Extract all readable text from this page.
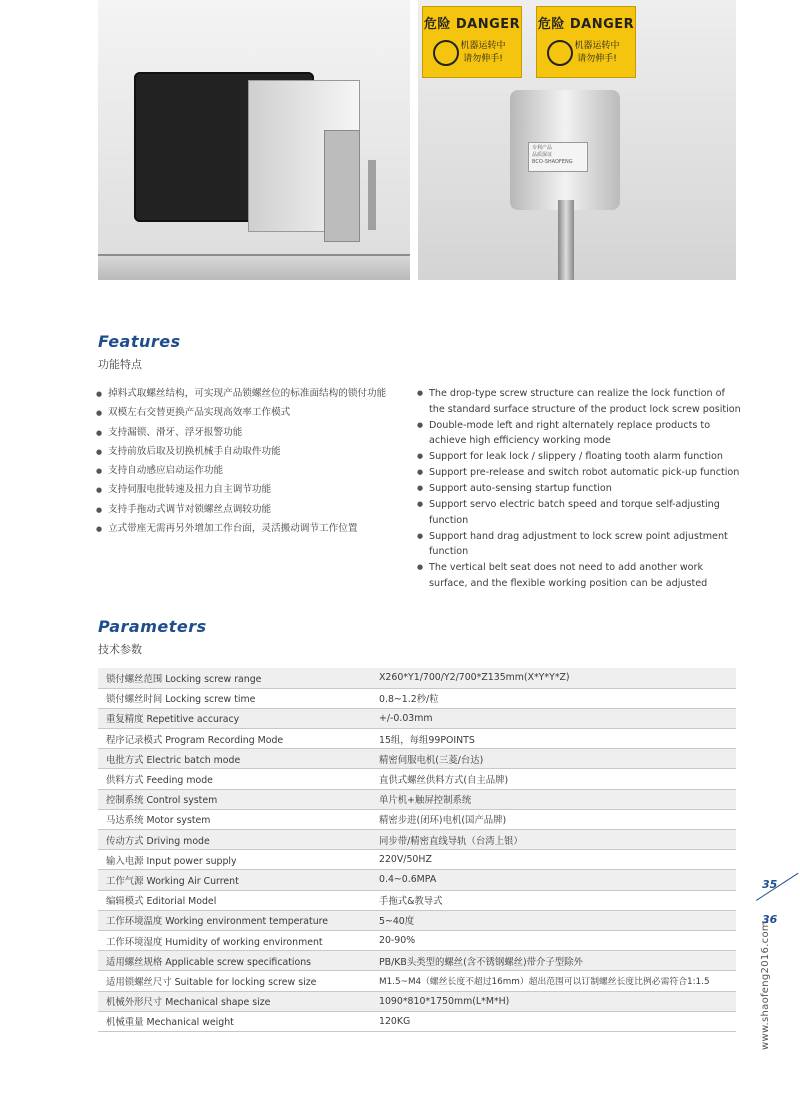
危险 DANGER
机器运转中
请勿伸手!
危险 DANGER
机器运转中
请勿伸手!
专利产品
品质保证
BCO-SHAOFENG
Features

功能特点

● 掉料式取螺丝结构，可实现产品锁螺丝位的标准面结构的锁付功能
● 双模左右交替更换产品实现高效率工作模式
● 支持漏锁、滑牙、浮牙报警功能
● 支持前放后取及切换机械手自动取件功能
● 支持自动感应启动运作功能
● 支持伺服电批转速及扭力自主调节功能
● 支持手拖动式调节对锁螺丝点调较功能
● 立式带座无需再另外增加工作台面，灵活搬动调节工作位置
● The drop-type screw structure can realize the lock function of the standard surface structure of the product lock screw position
● Double-mode left and right alternately replace products to achieve high efficiency working mode
● Support for leak lock / slippery / floating tooth alarm function
● Support pre-release and switch robot automatic pick-up function
● Support auto-sensing startup function
● Support servo electric batch speed and torque self-adjusting function
● Support hand drag adjustment to lock screw point adjustment function
● The vertical belt seat does not need to add another work surface, and the flexible working position can be adjusted
Parameters

技术参数

锁付螺丝范围 Locking screw range	X260*Y1/700/Y2/700*Z135mm(X*Y*Y*Z)
锁付螺丝时间 Locking screw time	0.8~1.2秒/粒
重复精度 Repetitive accuracy	+/-0.03mm
程序记录模式 Program Recording Mode	15组，每组99POINTS
电批方式 Electric batch mode	精密伺服电机(三菱/台达)
供料方式 Feeding mode	直供式螺丝供料方式(自主品牌)
控制系统 Control system	单片机+触屏控制系统
马达系统 Motor system	精密步进(闭环)电机(国产品牌)
传动方式 Driving mode	同步带/精密直线导轨（台湾上银）
输入电源 Input power supply	220V/50HZ
工作气源 Working Air Current	0.4~0.6MPA
编辑模式 Editorial Model	手拖式&教导式
工作环境温度 Working environment temperature	5~40度
工作环境湿度 Humidity of working environment	20-90%
适用螺丝规格 Applicable screw specifications	PB/KB头类型的螺丝(含不锈钢螺丝)带介子型除外
适用锁螺丝尺寸 Suitable for locking screw size	M1.5~M4（螺丝长度不超过16mm）超出范围可以订制螺丝长度比例必需符合1:1.5
机械外形尺寸 Mechanical shape size	1090*810*1750mm(L*M*H)
机械重量 Mechanical weight	120KG
35
36
www.shaofeng2016.com
